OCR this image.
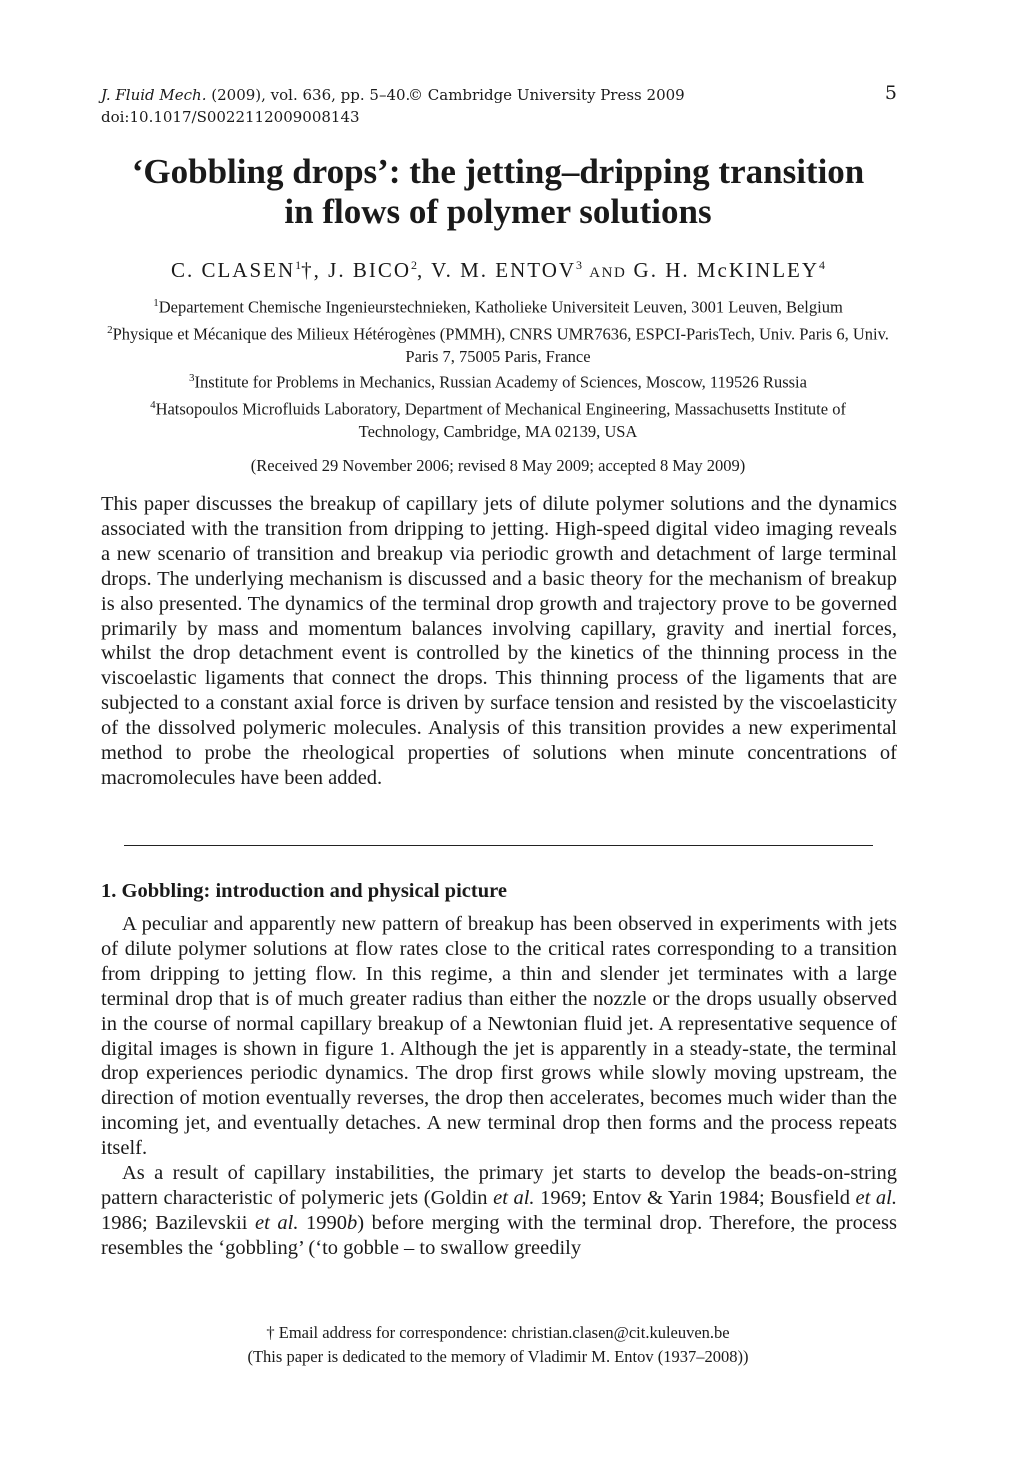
J. Fluid Mech. (2009), vol. 636, pp. 5–40.
© Cambridge University Press 2009
doi:10.1017/S0022112009008143
5
‘Gobbling drops’: the jetting–dripping transition
in flows of polymer solutions
C. CLASEN$^1$†, J. BICO$^2$, V. M. ENTOV$^3$ AND G. H. McKINLEY$^4$
$^1$Departement Chemische Ingenieurstechnieken, Katholieke Universiteit Leuven, 3001 Leuven, Belgium
$^2$Physique et Mécanique des Milieux Hétérogènes (PMMH), CNRS UMR7636, ESPCI-ParisTech, Univ. Paris 6, Univ. Paris 7, 75005 Paris, France
$^3$Institute for Problems in Mechanics, Russian Academy of Sciences, Moscow, 119526 Russia
$^4$Hatsopoulos Microfluids Laboratory, Department of Mechanical Engineering, Massachusetts Institute of Technology, Cambridge, MA 02139, USA
(Received 29 November 2006; revised 8 May 2009; accepted 8 May 2009)
This paper discusses the breakup of capillary jets of dilute polymer solutions and the dynamics associated with the transition from dripping to jetting. High-speed digital video imaging reveals a new scenario of transition and breakup via periodic growth and detachment of large terminal drops. The underlying mechanism is discussed and a basic theory for the mechanism of breakup is also presented. The dynamics of the terminal drop growth and trajectory prove to be governed primarily by mass and momentum balances involving capillary, gravity and inertial forces, whilst the drop detachment event is controlled by the kinetics of the thinning process in the viscoelastic ligaments that connect the drops. This thinning process of the ligaments that are subjected to a constant axial force is driven by surface tension and resisted by the viscoelasticity of the dissolved polymeric molecules. Analysis of this transition provides a new experimental method to probe the rheological properties of solutions when minute concentrations of macromolecules have been added.
1. Gobbling: introduction and physical picture

A peculiar and apparently new pattern of breakup has been observed in experiments with jets of dilute polymer solutions at flow rates close to the critical rates corresponding to a transition from dripping to jetting flow. In this regime, a thin and slender jet terminates with a large terminal drop that is of much greater radius than either the nozzle or the drops usually observed in the course of normal capillary breakup of a Newtonian fluid jet. A representative sequence of digital images is shown in figure 1. Although the jet is apparently in a steady-state, the terminal drop experiences periodic dynamics. The drop first grows while slowly moving upstream, the direction of motion eventually reverses, the drop then accelerates, becomes much wider than the incoming jet, and eventually detaches. A new terminal drop then forms and the process repeats itself.

As a result of capillary instabilities, the primary jet starts to develop the beads-on-string pattern characteristic of polymeric jets (Goldin et al. 1969; Entov & Yarin 1984; Bousfield et al. 1986; Bazilevskii et al. 1990b) before merging with the terminal drop. Therefore, the process resembles the ‘gobbling’ (‘to gobble – to swallow greedily

† Email address for correspondence: christian.clasen@cit.kuleuven.be
(This paper is dedicated to the memory of Vladimir M. Entov (1937–2008))
